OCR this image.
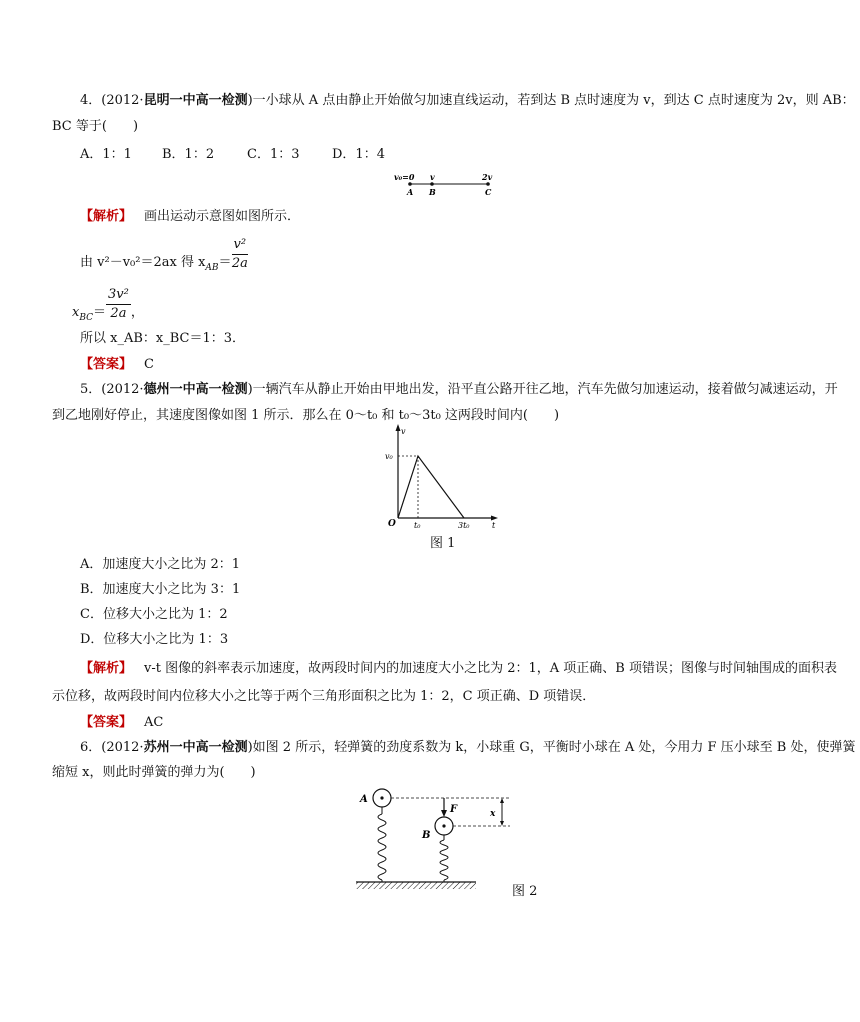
4．(2012·昆明一中高一检测)一小球从 A 点由静止开始做匀加速直线运动，若到达 B 点时速度为 v，到达 C 点时速度为 2v，则 AB：
BC 等于(　　)
A．1：1 B．1：2	C．1：3	D．1：4
v₀=0 v	2v
A B	C
【解析】 画出运动示意图如图所示．
由 v²－v₀²＝2ax 得 $x_{AB}= \frac{\text{v²}}{2a}$
$x_{BC}= \frac{\text{3v²}}{2a}$ ，
所以 x_AB：x_BC＝1：3．
【答案】 C
5．(2012·德州一中高一检测)一辆汽车从静止开始由甲地出发，沿平直公路开往乙地，汽车先做匀加速运动，接着做匀减速运动，开
到乙地刚好停止，其速度图像如图 1 所示．那么在 0～t₀ 和 t₀～3t₀ 这两段时间内(　　)
v
t
O
v₀
t₀	3t₀
图 1
A．加速度大小之比为 2：1
B．加速度大小之比为 3：1
C．位移大小之比为 1：2
D．位移大小之比为 1：3
【解析】 v-t 图像的斜率表示加速度，故两段时间内的加速度大小之比为 2：1，A 项正确、B 项错误；图像与时间轴围成的面积表
示位移，故两段时间内位移大小之比等于两个三角形面积之比为 1：2，C 项正确、D 项错误．
【答案】 AC
6．(2012·苏州一中高一检测)如图 2 所示，轻弹簧的劲度系数为 k，小球重 G，平衡时小球在 A 处，今用力 F 压小球至 B 处，使弹簧
缩短 x，则此时弹簧的弹力为(　　)
A
B
F	x
图 2
